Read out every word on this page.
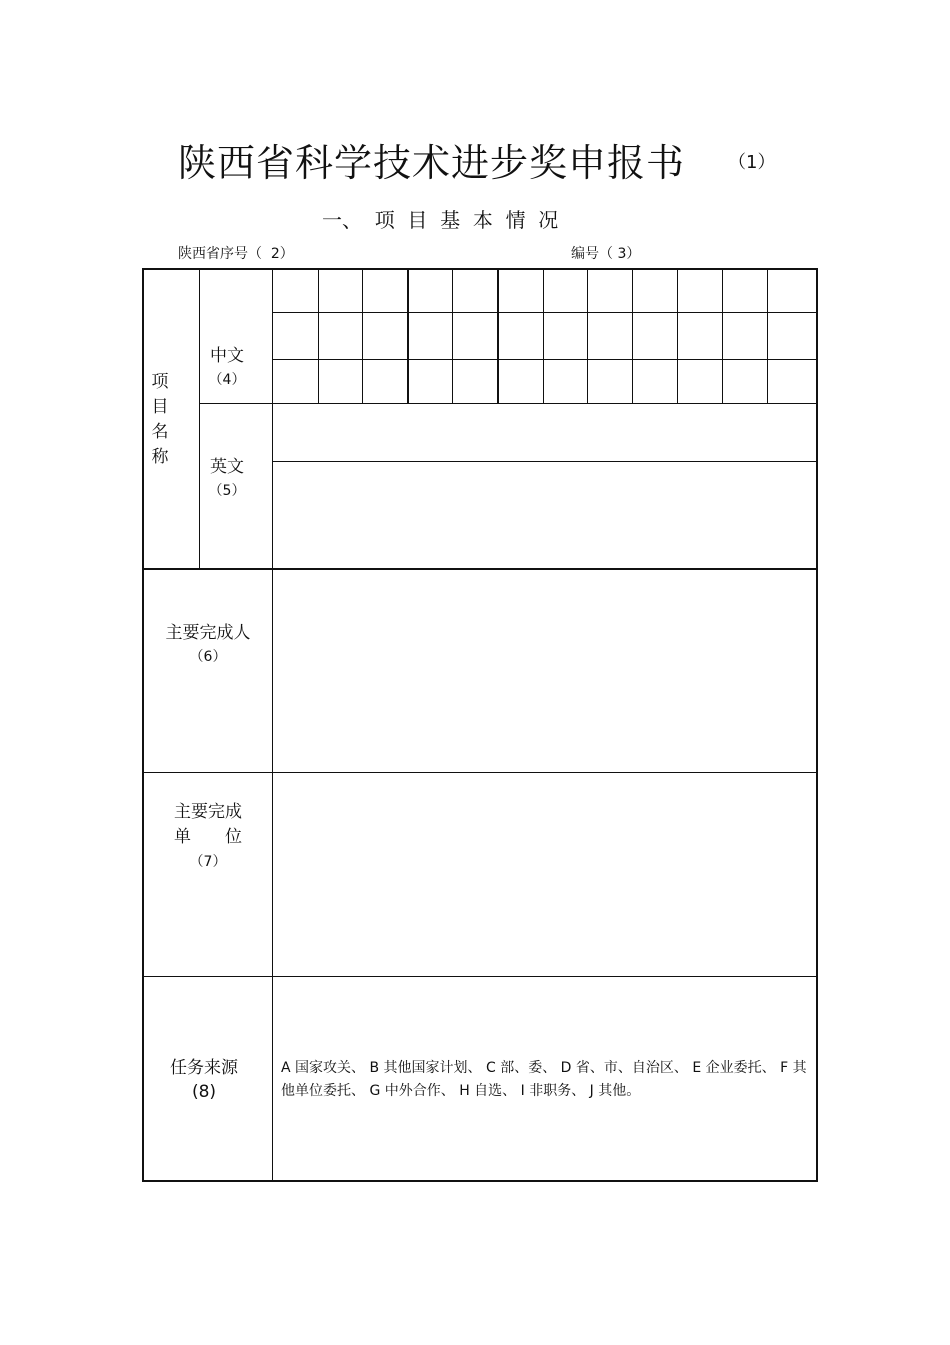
陕西省科学技术进步奖申报书 （1）
一、  项  目  基  本  情  况
陕西省序号（  2）	编号（ 3）
项
目
名
称
中文
（4）
英文
（5）
主要完成人
（6）
主要完成
单　　位
（7）
任务来源
(8)
A 国家攻关、 B 其他国家计划、 C 部、委、 D 省、市、自治区、 E 企业委托、 F 其他单位委托、 G 中外合作、 H 自选、 I 非职务、 J 其他。
